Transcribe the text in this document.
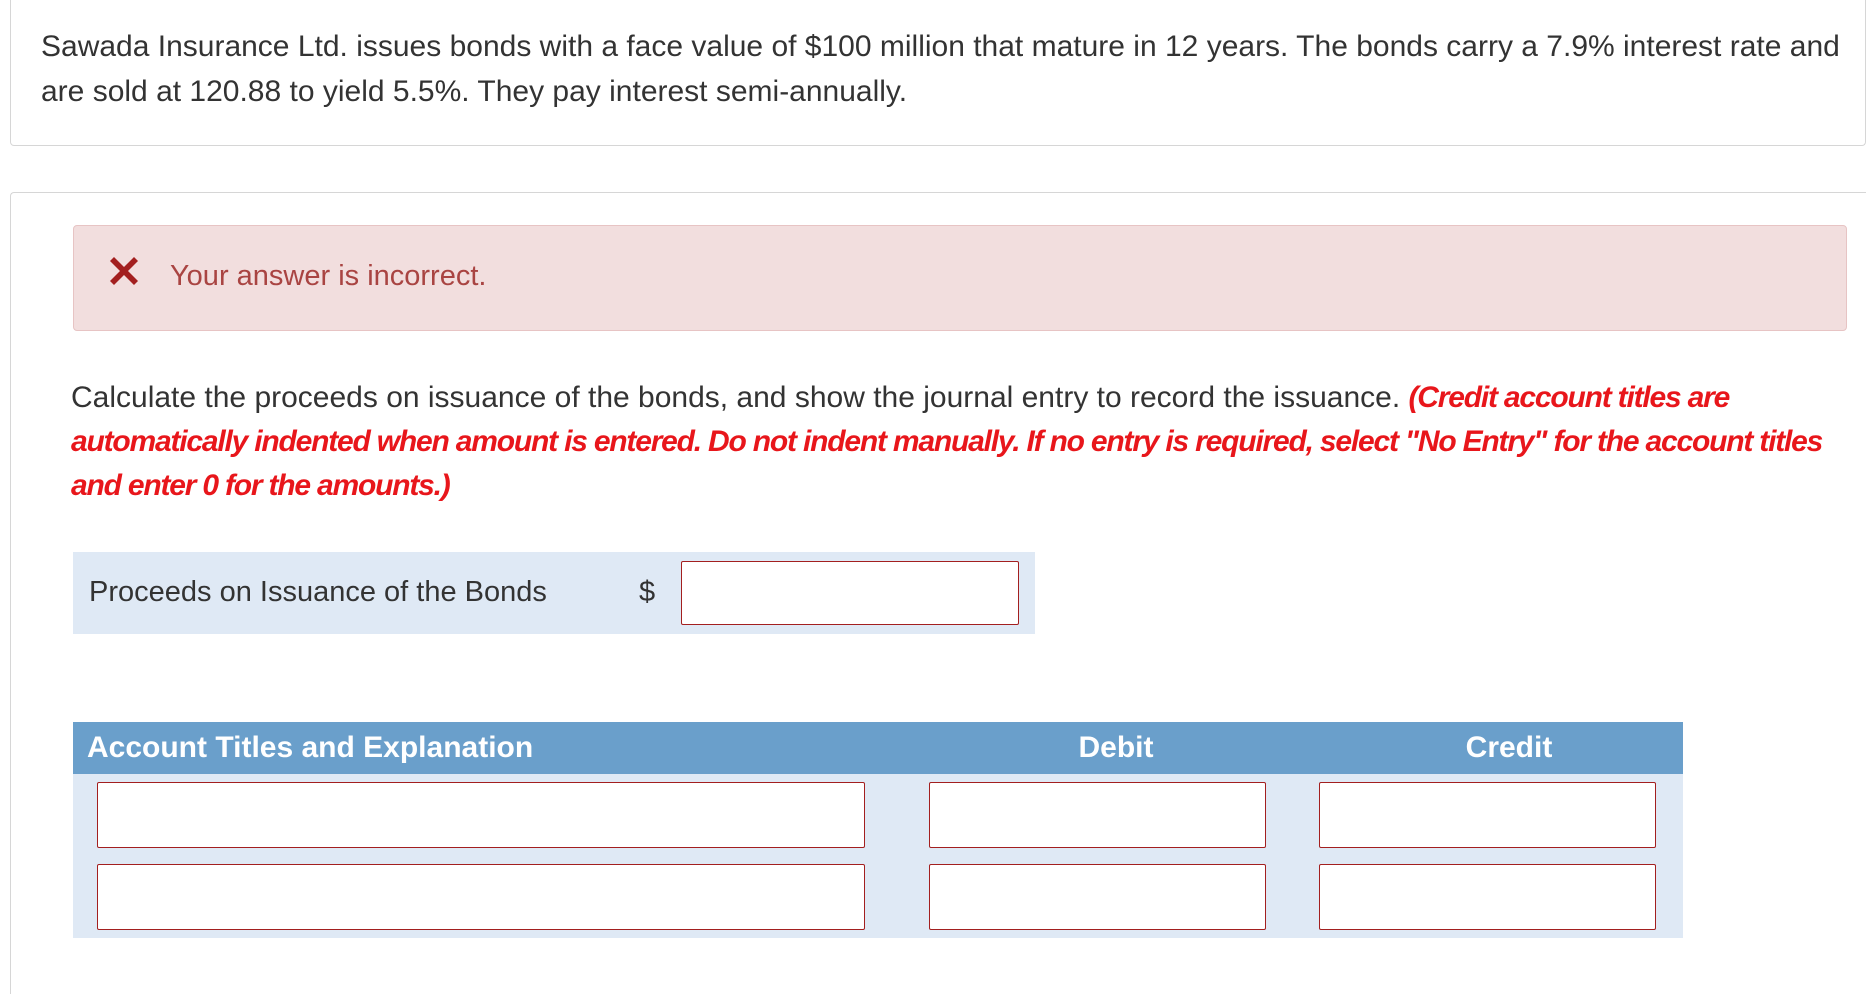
Sawada Insurance Ltd. issues bonds with a face value of $100 million that mature in 12 years. The bonds carry a 7.9% interest rate and are sold at 120.88 to yield 5.5%. They pay interest semi-annually.
Your answer is incorrect.
Calculate the proceeds on issuance of the bonds, and show the journal entry to record the issuance. (Credit account titles are automatically indented when amount is entered. Do not indent manually. If no entry is required, select "No Entry" for the account titles and enter 0 for the amounts.)
Proceeds on Issuance of the Bonds	$
Account Titles and Explanation	Debit	Credit
